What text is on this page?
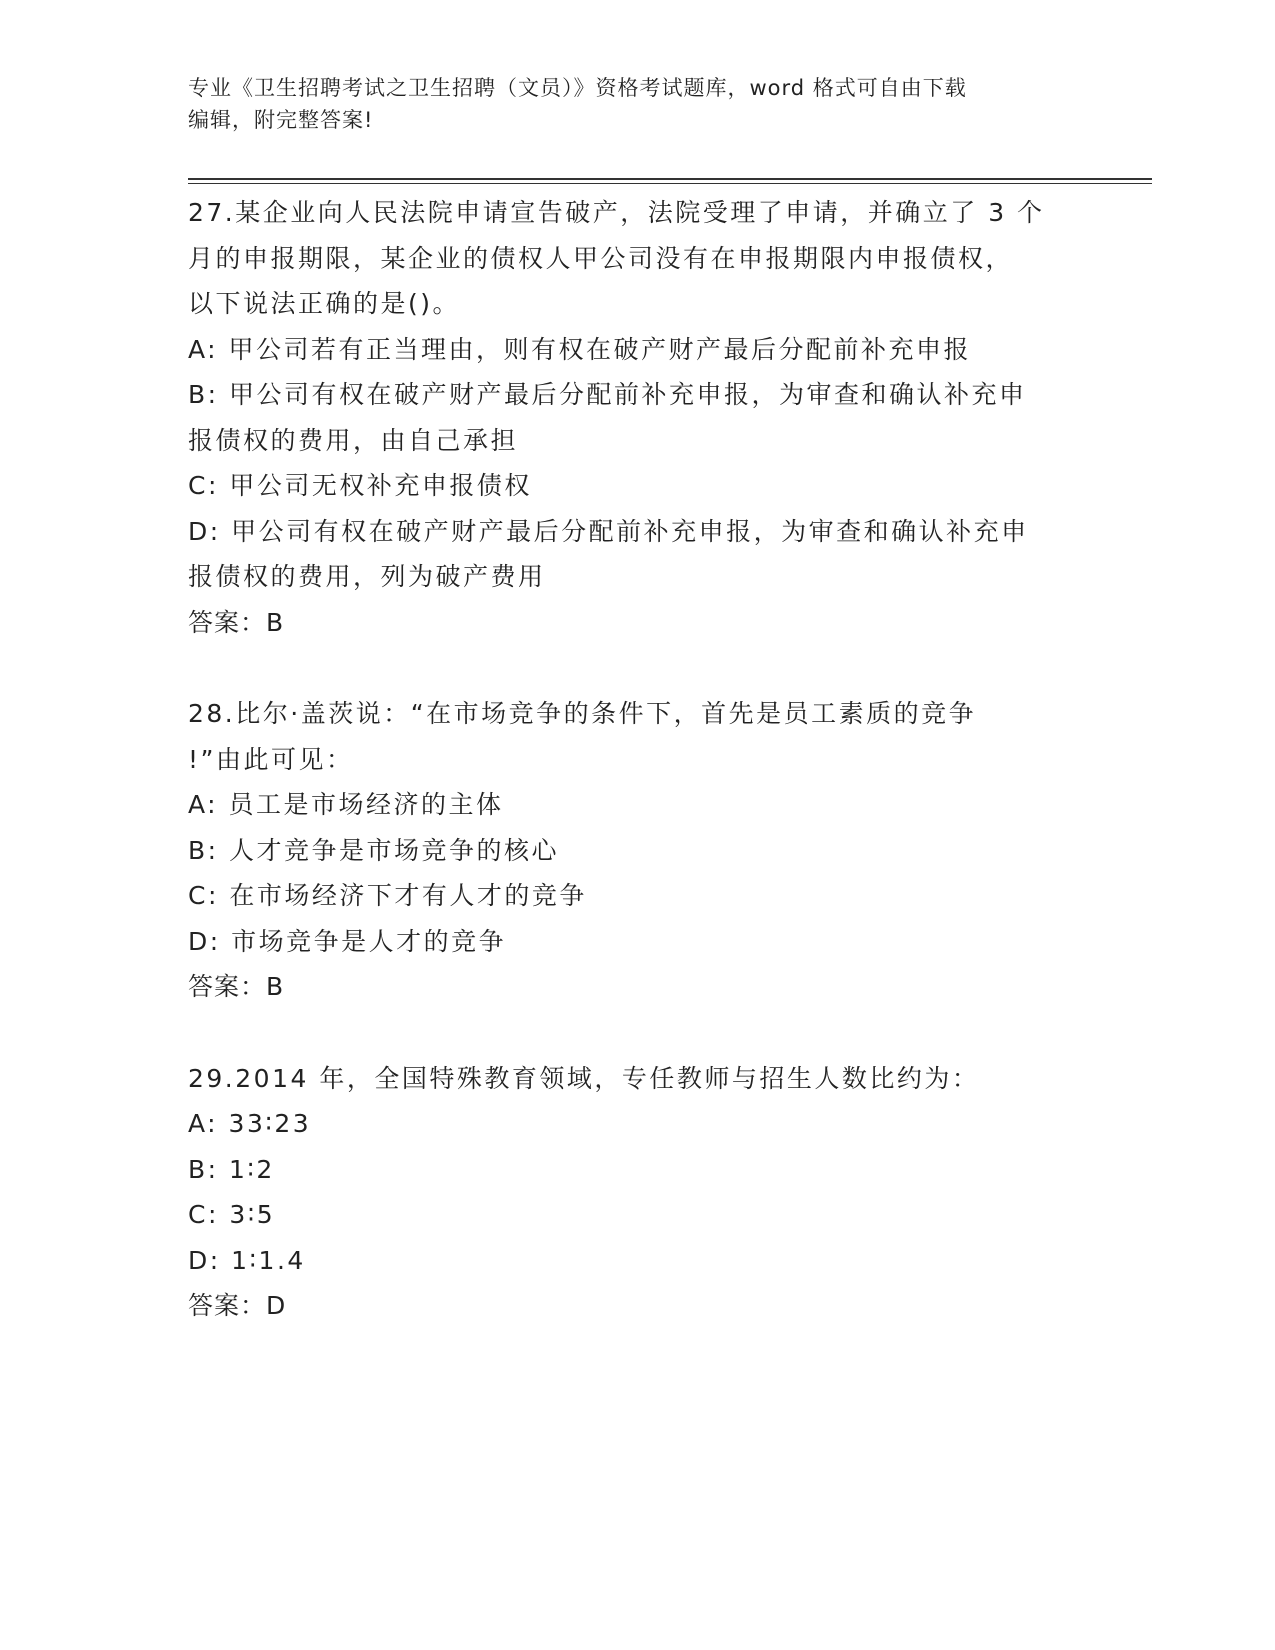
专业《卫生招聘考试之卫生招聘（文员）》资格考试题库，word 格式可自由下载

编辑，附完整答案!

27.某企业向人民法院申请宣告破产，法院受理了申请，并确立了 3 个

月的申报期限，某企业的债权人甲公司没有在申报期限内申报债权，

以下说法正确的是()。

A: 甲公司若有正当理由，则有权在破产财产最后分配前补充申报

B: 甲公司有权在破产财产最后分配前补充申报，为审查和确认补充申

报债权的费用，由自己承担

C: 甲公司无权补充申报债权

D: 甲公司有权在破产财产最后分配前补充申报，为审查和确认补充申

报债权的费用，列为破产费用

答案：B

28.比尔·盖茨说：“在市场竞争的条件下，首先是员工素质的竞争

!”由此可见：

A: 员工是市场经济的主体

B: 人才竞争是市场竞争的核心

C: 在市场经济下才有人才的竞争

D: 市场竞争是人才的竞争

答案：B

29.2014 年，全国特殊教育领域，专任教师与招生人数比约为：

A: 33∶23

B: 1∶2

C: 3∶5

D: 1∶1.4

答案：D
